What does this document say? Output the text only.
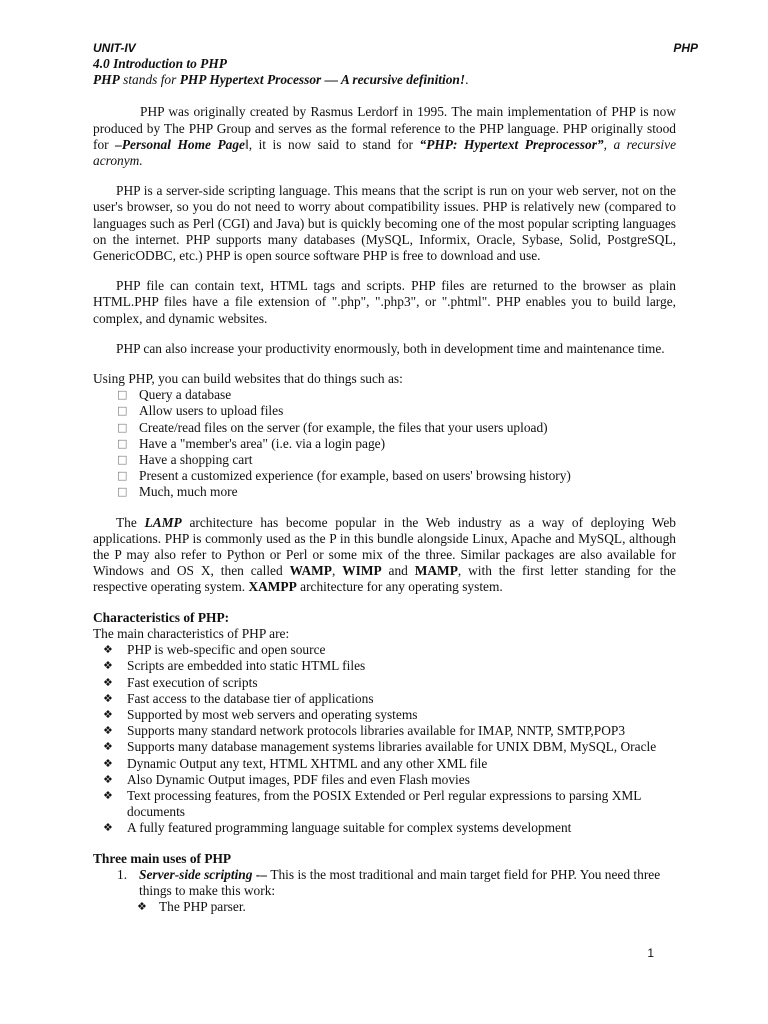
UNIT-IV	PHP
4.0 Introduction to PHP
PHP stands for PHP Hypertext Processor — A recursive definition!.

PHP was originally created by Rasmus Lerdorf in 1995. The main implementation of PHP is now produced by The PHP Group and serves as the formal reference to the PHP language. PHP originally stood for –Personal Home Page‖, it is now said to stand for “PHP: Hypertext Preprocessor”, a recursive acronym.

PHP is a server-side scripting language. This means that the script is run on your web server, not on the user's browser, so you do not need to worry about compatibility issues. PHP is relatively new (compared to languages such as Perl (CGI) and Java) but is quickly becoming one of the most popular scripting languages on the internet. PHP supports many databases (MySQL, Informix, Oracle, Sybase, Solid, PostgreSQL, GenericODBC, etc.) PHP is open source software PHP is free to download and use.

PHP file can contain text, HTML tags and scripts. PHP files are returned to the browser as plain HTML.PHP files have a file extension of ".php", ".php3", or ".phtml". PHP enables you to build large, complex, and dynamic websites.

PHP can also increase your productivity enormously, both in development time and maintenance time.

Using PHP, you can build websites that do things such as:
□ Query a database
□ Allow users to upload files
□ Create/read files on the server (for example, the files that your users upload)
□ Have a "member's area" (i.e. via a login page)
□ Have a shopping cart
□ Present a customized experience (for example, based on users' browsing history)
□ Much, much more

The LAMP architecture has become popular in the Web industry as a way of deploying Web applications. PHP is commonly used as the P in this bundle alongside Linux, Apache and MySQL, although the P may also refer to Python or Perl or some mix of the three. Similar packages are also available for Windows and OS X, then called WAMP, WIMP and MAMP, with the first letter standing for the respective operating system. XAMPP architecture for any operating system.

Characteristics of PHP:
The main characteristics of PHP are:
❖	PHP is web-specific and open source
❖	Scripts are embedded into static HTML files
❖	Fast execution of scripts
❖	Fast access to the database tier of applications
❖	Supported by most web servers and operating systems
❖	Supports many standard network protocols libraries available for IMAP, NNTP, SMTP,POP3
❖	Supports many database management systems libraries available for UNIX DBM, MySQL, Oracle
❖	Dynamic Output any text, HTML XHTML and any other XML file
❖	Also Dynamic Output images, PDF files and even Flash movies
❖	Text processing features, from the POSIX Extended or Perl regular expressions to parsing XML documents
❖	A fully featured programming language suitable for complex systems development
Three main uses of PHP
1. Server-side scripting -– This is the most traditional and main target field for PHP. You need three things to make this work:
❖ The PHP parser.
1
